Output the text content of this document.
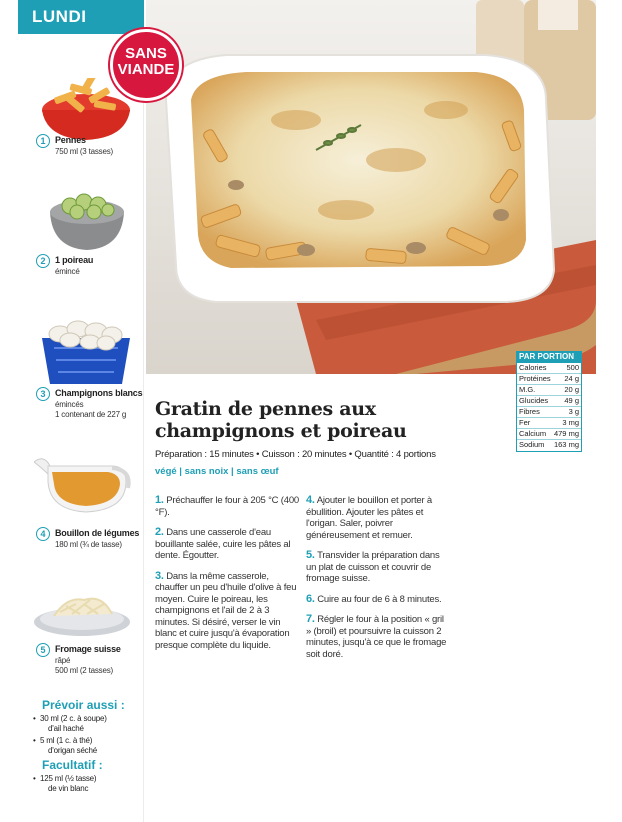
LUNDI
SANS
VIANDE
1	Pennes
750 ml (3 tasses)
2	1 poireau
émincé
3	Champignons blancs
émincés
1 contenant de 227 g
4	Bouillon de légumes
180 ml (¾ de tasse)
5	Fromage suisse
râpé
500 ml (2 tasses)
Prévoir aussi :
• 30 ml (2 c. à soupe)
d'ail haché
• 5 ml (1 c. à thé)
d'origan séché
Facultatif :
• 125 ml (½ tasse)
de vin blanc
PAR PORTION
Calories	500
Protéines 24 g
M.G.	20 g
Glucides 49 g
Fibres	3 g
Fer	3 mg
Calcium 479 mg
Sodium 163 mg
Gratin de pennes aux
champignons et poireau
Préparation : 15 minutes • Cuisson : 20 minutes • Quantité : 4 portions
végé | sans noix | sans œuf
1. Préchauffer le four à 205 °C (400 °F).
2. Dans une casserole d'eau bouillante salée, cuire les pâtes al dente. Égoutter.
3. Dans la même casserole, chauffer un peu d'huile d'olive à feu moyen. Cuire le poireau, les champignons et l'ail de 2 à 3 minutes. Si désiré, verser le vin blanc et cuire jusqu'à évaporation presque complète du liquide.
4. Ajouter le bouillon et porter à ébullition. Ajouter les pâtes et l'origan. Saler, poivrer généreusement et remuer.
5. Transvider la préparation dans un plat de cuisson et couvrir de fromage suisse.
6. Cuire au four de 6 à 8 minutes.
7. Régler le four à la position « gril » (broil) et poursuivre la cuisson 2 minutes, jusqu'à ce que le fromage soit doré.
